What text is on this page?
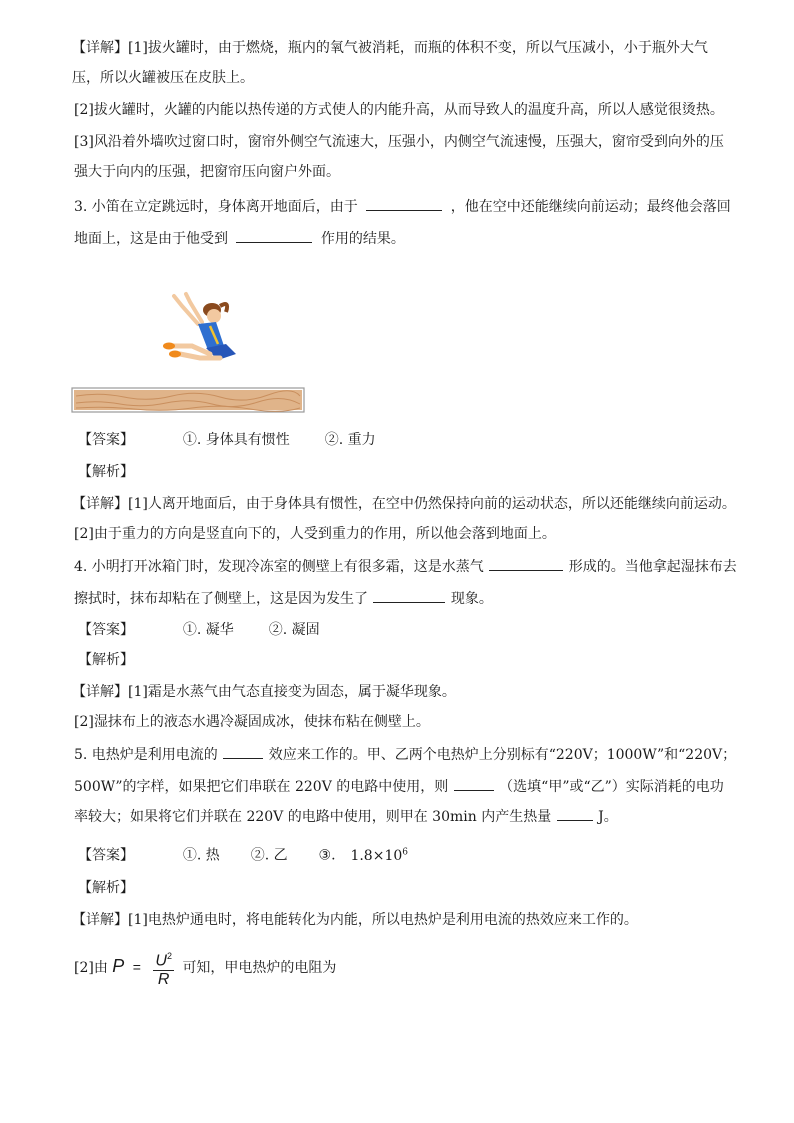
【详解】[1]拔火罐时，由于燃烧，瓶内的氧气被消耗，而瓶的体积不变，所以气压减小，小于瓶外大气
压，所以火罐被压在皮肤上。
[2]拔火罐时，火罐的内能以热传递的方式使人的内能升高，从而导致人的温度升高，所以人感觉很烫热。
[3]风沿着外墙吹过窗口时，窗帘外侧空气流速大，压强小，内侧空气流速慢，压强大，窗帘受到向外的压
强大于向内的压强，把窗帘压向窗户外面。
3. 小笛在立定跳远时，身体离开地面后，由于	，他在空中还能继续向前运动；最终他会落回
地面上，这是由于他受到	作用的结果。
【答案】	①. 身体具有惯性 ②. 重力
【解析】
【详解】[1]人离开地面后，由于身体具有惯性，在空中仍然保持向前的运动状态，所以还能继续向前运动。
[2]由于重力的方向是竖直向下的，人受到重力的作用，所以他会落到地面上。
4. 小明打开冰箱门时，发现冷冻室的侧壁上有很多霜，这是水蒸气	形成的。当他拿起湿抹布去
擦拭时，抹布却粘在了侧壁上，这是因为发生了	现象。
【答案】	①. 凝华 ②. 凝固
【解析】
【详解】[1]霜是水蒸气由气态直接变为固态，属于凝华现象。
[2]湿抹布上的液态水遇冷凝固成冰，使抹布粘在侧壁上。
5. 电热炉是利用电流的	效应来工作的。甲、乙两个电热炉上分别标有“220V；1000W”和“220V；
500W”的字样，如果把它们串联在 220V 的电路中使用，则	（选填“甲”或“乙”）实际消耗的电功
率较大；如果将它们并联在 220V 的电路中使用，则甲在 30min 内产生热量	J。
【答案】	①. 热 ②. 乙 ③. $1.8\times 10^6$
【解析】
【详解】[1]电热炉通电时，将电能转化为内能，所以电热炉是利用电流的热效应来工作的。
[2]由 $P = \frac{U^2}{R}$ 可知，甲电热炉的电阻为
